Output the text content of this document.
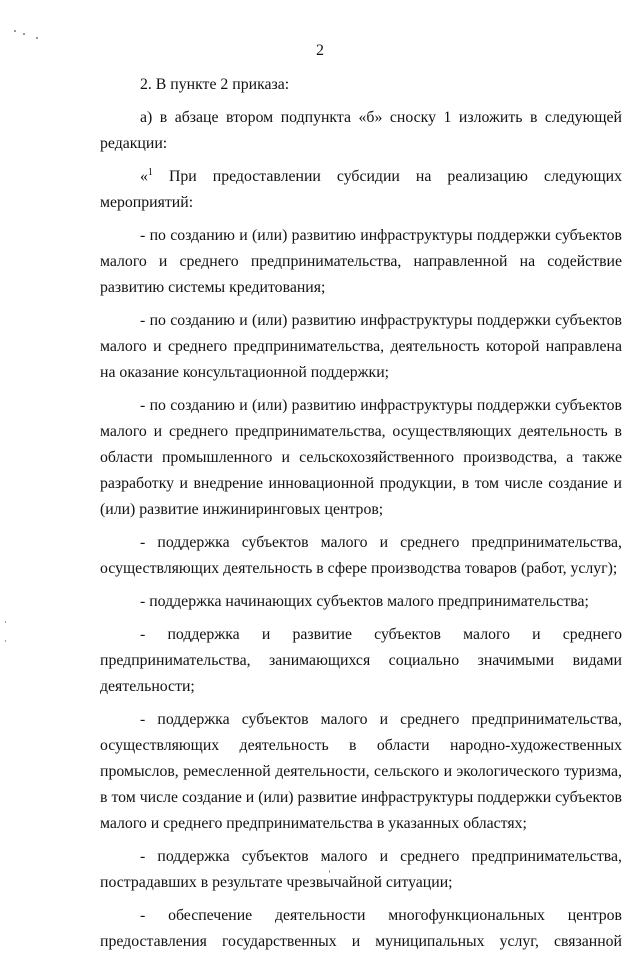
2

2. В пункте 2 приказа:

а) в абзаце втором подпункта «б» сноску 1 изложить в следующей редакции:

«$^1$ При предоставлении субсидии на реализацию следующих мероприятий:

- по созданию и (или) развитию инфраструктуры поддержки субъектов малого и среднего предпринимательства, направленной на содействие развитию системы кредитования;

- по созданию и (или) развитию инфраструктуры поддержки субъектов малого и среднего предпринимательства, деятельность которой направлена на оказание консультационной поддержки;

- по созданию и (или) развитию инфраструктуры поддержки субъектов малого и среднего предпринимательства, осуществляющих деятельность в области промышленного и сельскохозяйственного производства, а также разработку и внедрение инновационной продукции, в том числе создание и (или) развитие инжиниринговых центров;

- поддержка субъектов малого и среднего предпринимательства, осуществляющих деятельность в сфере производства товаров (работ, услуг);

- поддержка начинающих субъектов малого предпринимательства;

- поддержка и развитие субъектов малого и среднего предпринимательства, занимающихся социально значимыми видами деятельности;

- поддержка субъектов малого и среднего предпринимательства, осуществляющих деятельность в области народно-художественных промыслов, ремесленной деятельности, сельского и экологического туризма, в том числе создание и (или) развитие инфраструктуры поддержки субъектов малого и среднего предпринимательства в указанных областях;

- поддержка субъектов малого и среднего предпринимательства, пострадавших в результате чрезвычайной ситуации;

- обеспечение деятельности многофункциональных центров предоставления государственных и муниципальных услуг, связанной
